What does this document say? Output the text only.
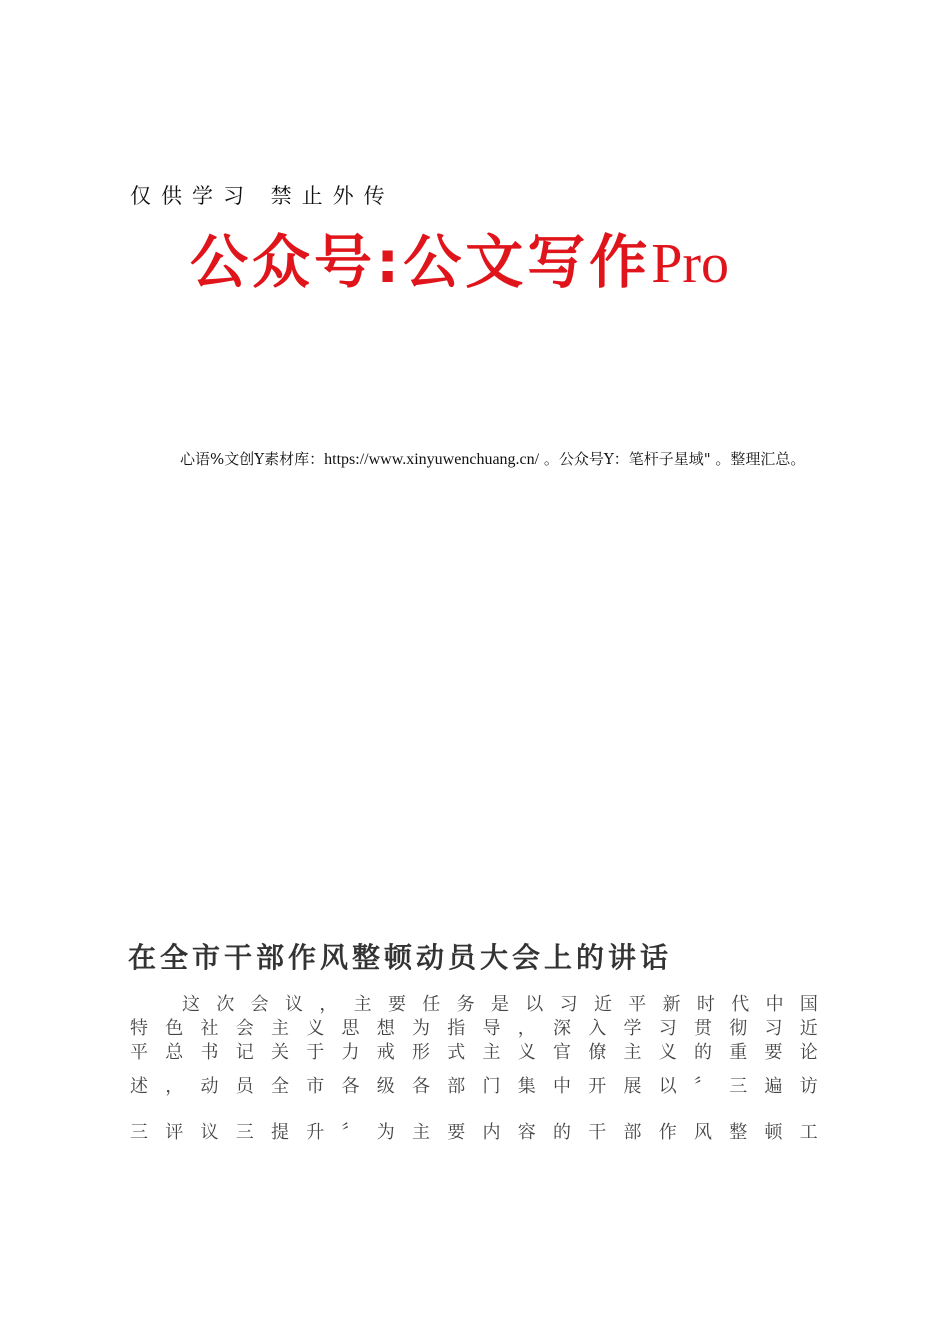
仅供学习 禁止外传
公众号:公文写作Pro
心语%文创Y素材库：https://www.xinyuwenchuang.cn/ 。公众号Y：笔杆子星域" 。整理汇总。
在全市干部作风整顿动员大会上的讲话
这 次 会 议 ， 主 要 任 务 是 以 习 近 平 新 时 代 中 国
特 色 社 会 主 义 思 想 为 指 导 ， 深 入 学 习 贯 彻 习 近
平 总 书 记 关 于 力 戒 形 式 主 义 官 僚 主 义 的 重 要 论
述 ， 动 员 全 市 各 级 各 部 门 集 中 开 展 以 〞 三 遍 访
三 评 议 三 提 升 〞 为 主 要 内 容 的 干 部 作 风 整 顿 工
